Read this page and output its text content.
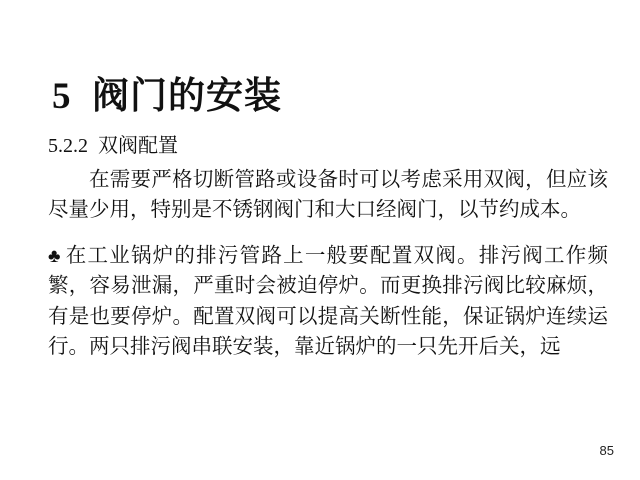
5  阀门的安装
5.2.2  双阀配置

在需要严格切断管路或设备时可以考虑采用双阀，但应该尽量少用，特别是不锈钢阀门和大口经阀门，以节约成本。

♣ 在工业锅炉的排污管路上一般要配置双阀。排污阀工作频繁，容易泄漏，严重时会被迫停炉。而更换排污阀比较麻烦，有是也要停炉。配置双阀可以提高关断性能，保证锅炉连续运行。两只排污阀串联安装，靠近锅炉的一只先开后关，远

85
